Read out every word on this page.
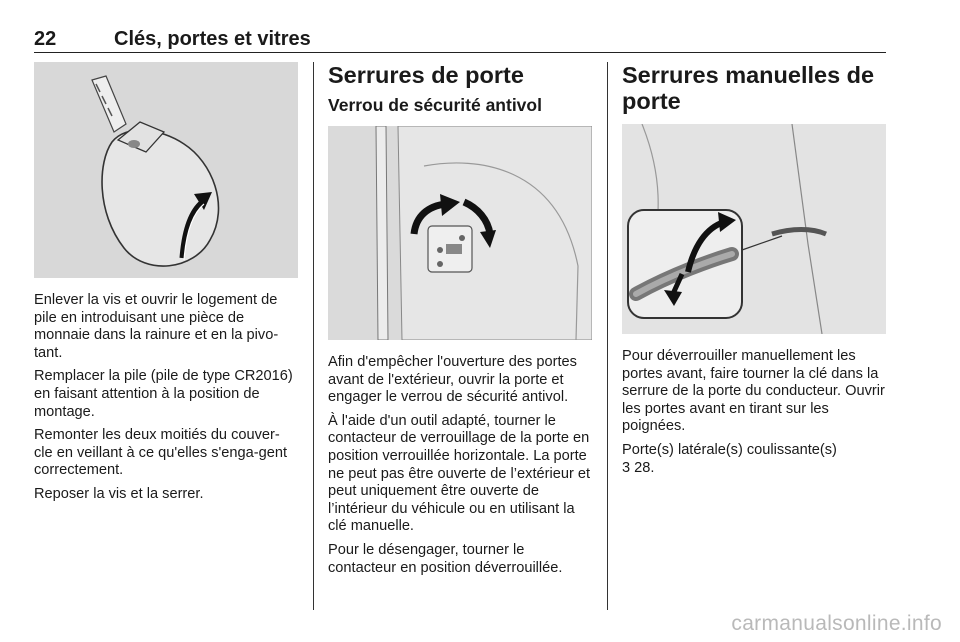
22	Clés, portes et vitres

Enlever la vis et ouvrir le logement de pile en introduisant une pièce de monnaie dans la rainure et en la pivo-tant.

Remplacer la pile (pile de type CR2016) en faisant attention à la position de montage.

Remonter les deux moitiés du couver-cle en veillant à ce qu'elles s'enga-gent correctement.

Reposer la vis et la serrer.

Serrures de porte
Verrou de sécurité antivol

Afin d'empêcher l'ouverture des portes avant de l'extérieur, ouvrir la porte et engager le verrou de sécurité antivol.

À l'aide d'un outil adapté, tourner le contacteur de verrouillage de la porte en position verrouillée horizontale. La porte ne peut pas être ouverte de l’extérieur et peut uniquement être ouverte de l’intérieur du véhicule ou en utilisant la clé manuelle.

Pour le désengager, tourner le contacteur en position déverrouillée.

Serrures manuelles de porte

Pour déverrouiller manuellement les portes avant, faire tourner la clé dans la serrure de la porte du conducteur. Ouvrir les portes avant en tirant sur les poignées.

Porte(s) latérale(s) coulissante(s)

3 28.

carmanualsonline.info
